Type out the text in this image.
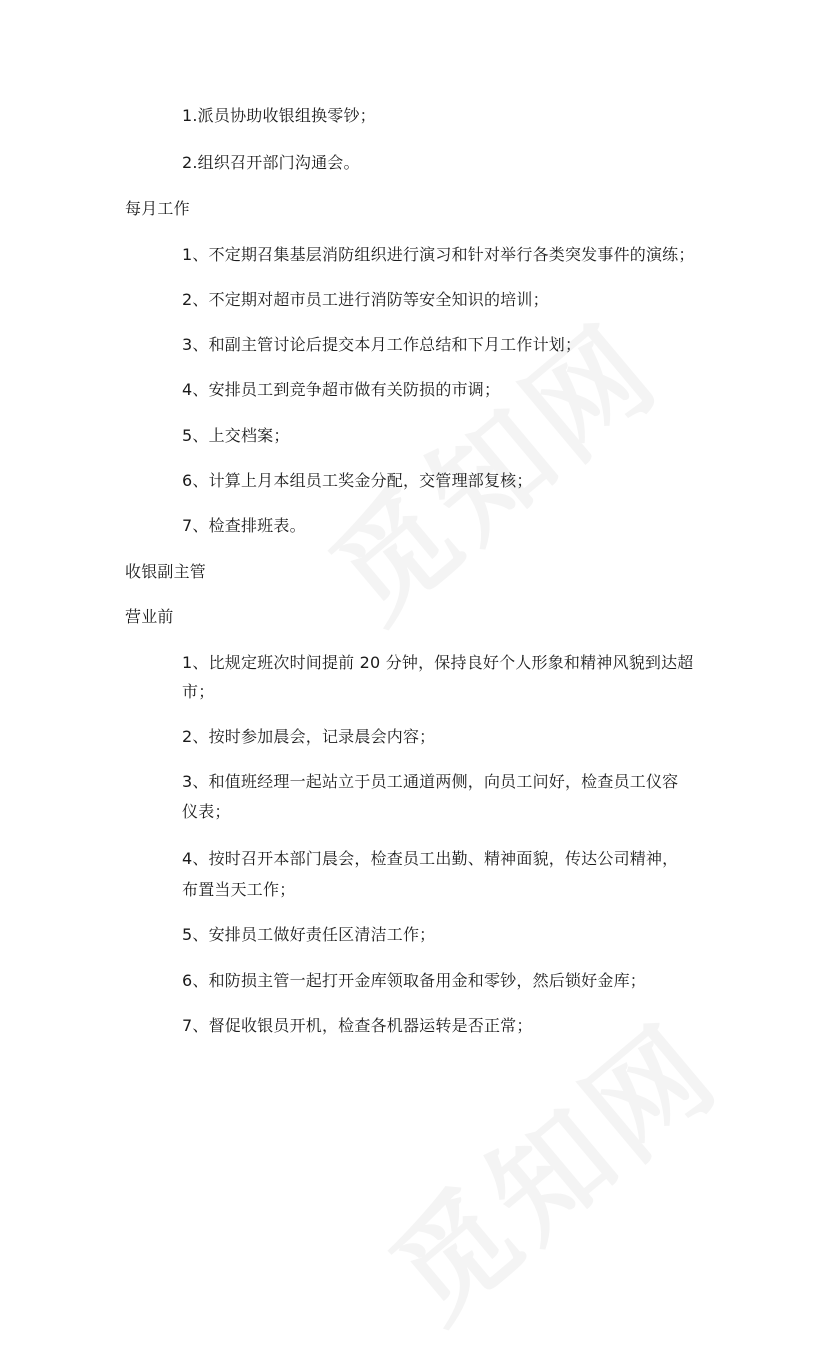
1.派员协助收银组换零钞；
2.组织召开部门沟通会。
每月工作
1、不定期召集基层消防组织进行演习和针对举行各类突发事件的演练；
2、不定期对超市员工进行消防等安全知识的培训；
3、和副主管讨论后提交本月工作总结和下月工作计划；
4、安排员工到竞争超市做有关防损的市调；
5、上交档案；
6、计算上月本组员工奖金分配，交管理部复核；
7、检查排班表。
收银副主管
营业前
1、比规定班次时间提前 20 分钟，保持良好个人形象和精神风貌到达超
市；
2、按时参加晨会，记录晨会内容；
3、和值班经理一起站立于员工通道两侧，向员工问好，检查员工仪容
仪表；
4、按时召开本部门晨会，检查员工出勤、精神面貌，传达公司精神，
布置当天工作；
5、安排员工做好责任区清洁工作；
6、和防损主管一起打开金库领取备用金和零钞，然后锁好金库；
7、督促收银员开机，检查各机器运转是否正常；
